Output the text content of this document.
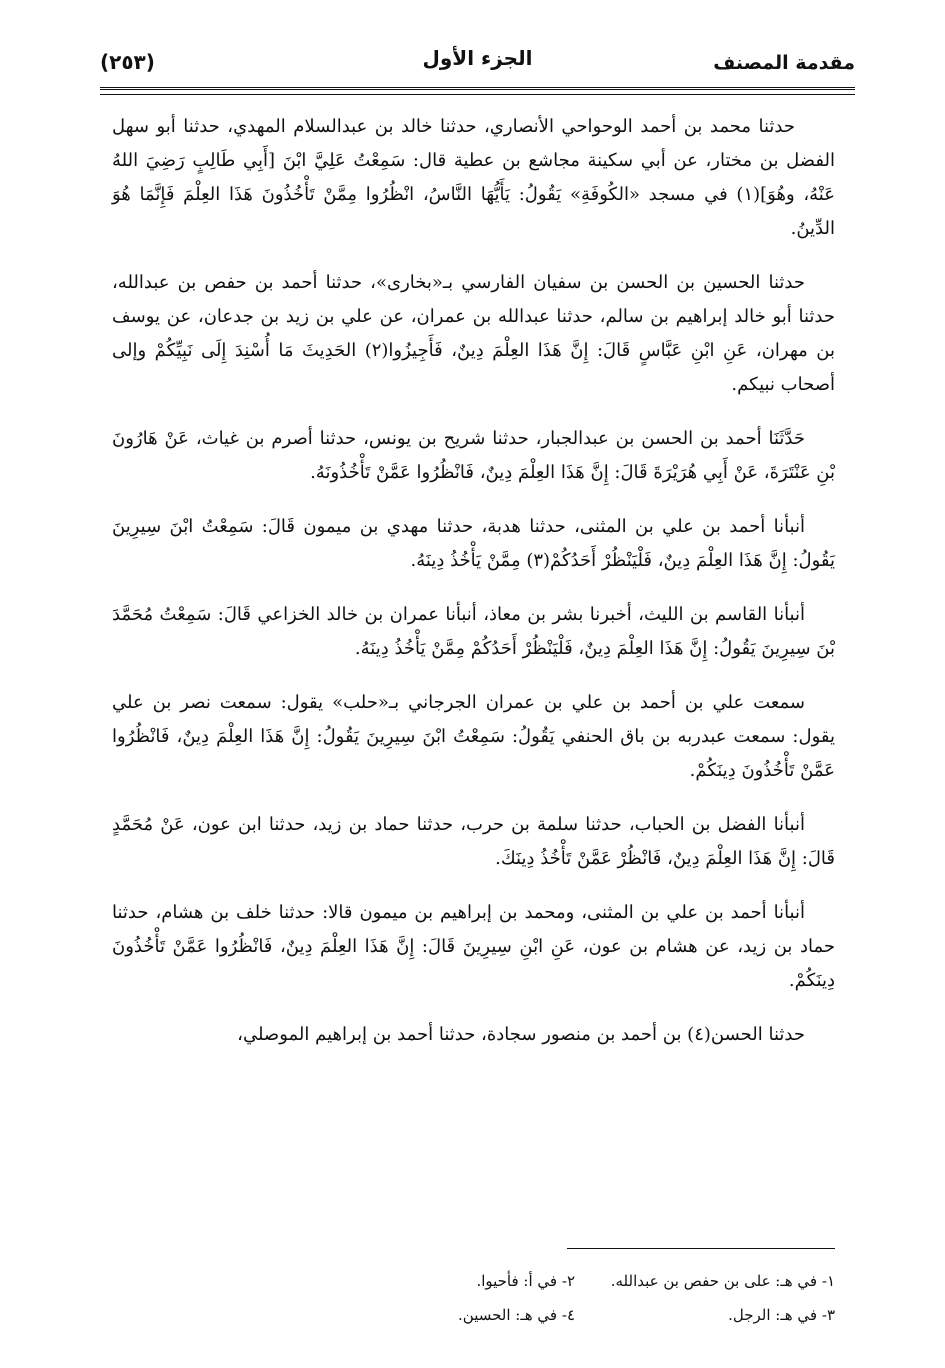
مقدمة المصنف
الجزء الأول
(٢٥٣)

حدثنا محمد بن أحمد الوحواحي الأنصاري، حدثنا خالد بن عبدالسلام المهدي، حدثنا أبو سهل الفضل بن مختار، عن أبي سكينة مجاشع بن عطية قال: سَمِعْتُ عَلِيَّ ابْنَ [أَبِي طَالِبٍ رَضِيَ اللهُ عَنْهُ، وهُوَ](١) في مسجد «الكُوفَةِ» يَقُولُ: يَأَيُّهَا النَّاسُ، انْظُرُوا مِمَّنْ تَأْخُذُونَ هَذَا العِلْمَ فَإِنَّمَا هُوَ الدِّينُ.

حدثنا الحسين بن الحسن بن سفيان الفارسي بـ«بخارى»، حدثنا أحمد بن حفص بن عبدالله، حدثنا أبو خالد إبراهيم بن سالم، حدثنا عبدالله بن عمران، عن علي بن زيد بن جدعان، عن يوسف بن مهران، عَنِ ابْنِ عَبَّاسٍ قَالَ: إِنَّ هَذَا العِلْمَ دِينٌ، فَأَجِيزُوا(٢) الحَدِيثَ مَا أُسْنِدَ إِلَى نَبِيِّكُمْ وإلى أصحاب نبيكم.

حَدَّثَنَا أحمد بن الحسن بن عبدالجبار، حدثنا شريح بن يونس، حدثنا أصرم بن غياث، عَنْ هَارُونَ بْنِ عَنْتَرَةَ، عَنْ أَبِي هُرَيْرَةَ قَالَ: إِنَّ هَذَا العِلْمَ دِينٌ، فَانْظُرُوا عَمَّنْ تَأْخُذُونَهُ.

أنبأنا أحمد بن علي بن المثنى، حدثنا هدبة، حدثنا مهدي بن ميمون قَالَ: سَمِعْتُ ابْنَ سِيرِينَ يَقُولُ: إِنَّ هَذَا العِلْمَ دِينٌ، فَلْيَنْظُرْ أَحَدُكُمْ(٣) مِمَّنْ يَأْخُذُ دِينَهُ.

أنبأنا القاسم بن الليث، أخبرنا بشر بن معاذ، أنبأنا عمران بن خالد الخزاعي قَالَ: سَمِعْتُ مُحَمَّدَ بْنَ سِيرِينَ يَقُولُ: إِنَّ هَذَا العِلْمَ دِينٌ، فَلْيَنْظُرْ أَحَدُكُمْ مِمَّنْ يَأْخُذُ دِينَهُ.

سمعت علي بن أحمد بن علي بن عمران الجرجاني بـ«حلب» يقول: سمعت نصر بن علي يقول: سمعت عبدربه بن باق الحنفي يَقُولُ: سَمِعْتُ ابْنَ سِيرِينَ يَقُولُ: إِنَّ هَذَا العِلْمَ دِينٌ، فَانْظُرُوا عَمَّنْ تَأْخُذُونَ دِينَكُمْ.

أنبأنا الفضل بن الحباب، حدثنا سلمة بن حرب، حدثنا حماد بن زيد، حدثنا ابن عون، عَنْ مُحَمَّدٍ قَالَ: إِنَّ هَذَا العِلْمَ دِينٌ، فَانْظُرْ عَمَّنْ تَأْخُذُ دِينَكَ.

أنبأنا أحمد بن علي بن المثنى، ومحمد بن إبراهيم بن ميمون قالا: حدثنا خلف بن هشام، حدثنا حماد بن زيد، عن هشام بن عون، عَنِ ابْنِ سِيرِينَ قَالَ: إِنَّ هَذَا العِلْمَ دِينٌ، فَانْظُرُوا عَمَّنْ تَأْخُذُونَ دِينَكُمْ.

حدثنا الحسن(٤) بن أحمد بن منصور سجادة، حدثنا أحمد بن إبراهيم الموصلي،

١- في هـ: على بن حفص بن عبدالله.
٢- في أ: فأحيوا.
٣- في هـ: الرجل.
٤- في هـ: الحسين.
